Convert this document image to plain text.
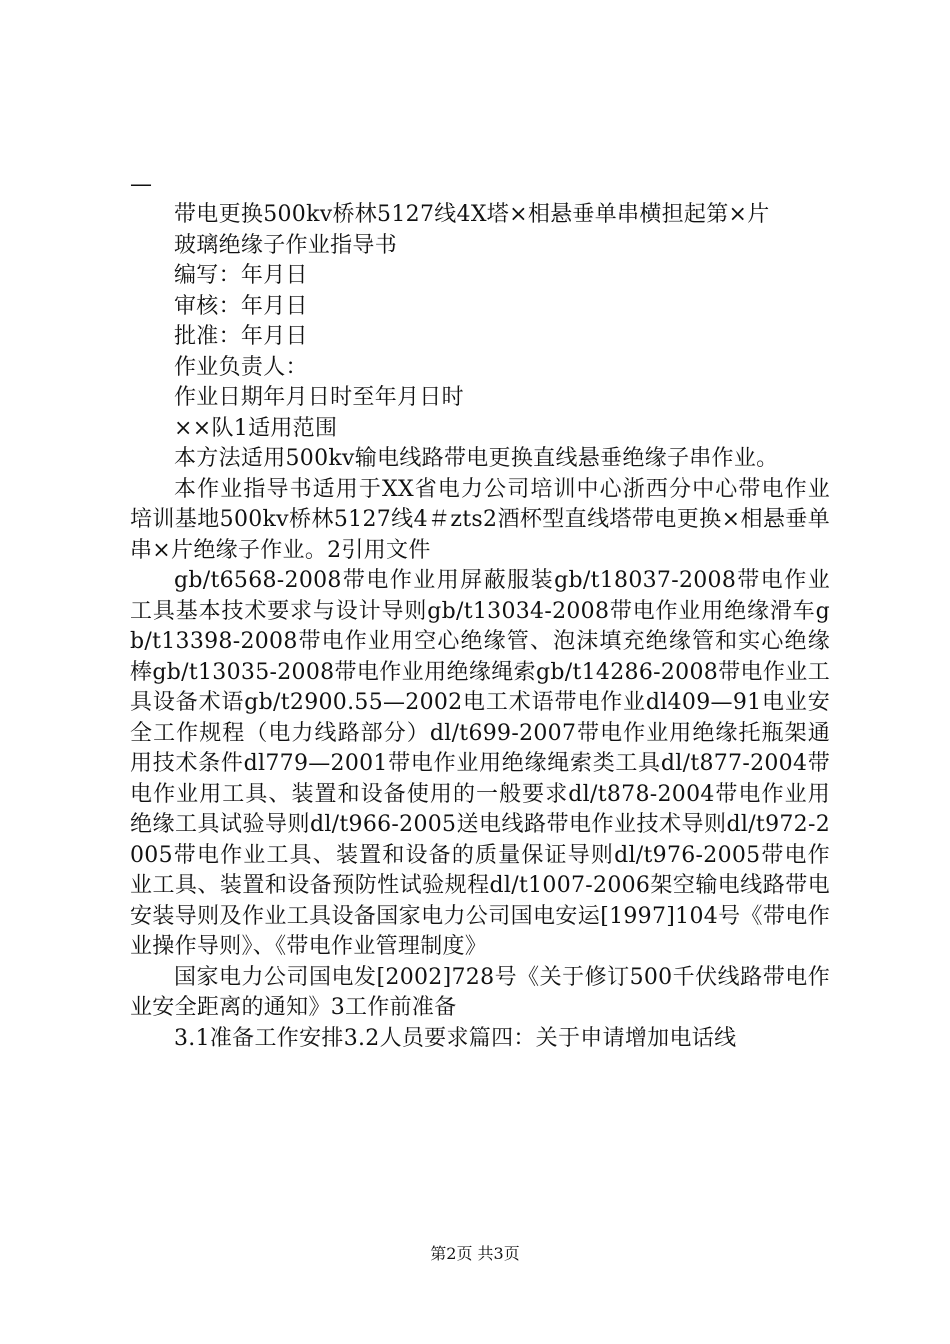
—

带电更换500kv桥林5127线4X塔×相悬垂单串横担起第×片

玻璃绝缘子作业指导书

编写：年月日

审核：年月日

批准：年月日

作业负责人：

作业日期年月日时至年月日时

××队1适用范围

本方法适用500kv输电线路带电更换直线悬垂绝缘子串作业。

本作业指导书适用于XX省电力公司培训中心浙西分中心带电作业培训基地500kv桥林5127线4＃zts2酒杯型直线塔带电更换×相悬垂单串×片绝缘子作业。2引用文件

gb/t6568-2008带电作业用屏蔽服装gb/t18037-2008带电作业工具基本技术要求与设计导则gb/t13034-2008带电作业用绝缘滑车gb/t13398-2008带电作业用空心绝缘管、泡沫填充绝缘管和实心绝缘棒gb/t13035-2008带电作业用绝缘绳索gb/t14286-2008带电作业工具设备术语gb/t2900.55—2002电工术语带电作业dl409—91电业安全工作规程（电力线路部分）dl/t699-2007带电作业用绝缘托瓶架通用技术条件dl779—2001带电作业用绝缘绳索类工具dl/t877-2004带电作业用工具、装置和设备使用的一般要求dl/t878-2004带电作业用绝缘工具试验导则dl/t966-2005送电线路带电作业技术导则dl/t972-2005带电作业工具、装置和设备的质量保证导则dl/t976-2005带电作业工具、装置和设备预防性试验规程dl/t1007-2006架空输电线路带电安装导则及作业工具设备国家电力公司国电安运[1997]104号《带电作业操作导则》、《带电作业管理制度》

国家电力公司国电发[2002]728号《关于修订500千伏线路带电作业安全距离的通知》3工作前准备

3.1准备工作安排3.2人员要求篇四：关于申请增加电话线

第2页 共3页
